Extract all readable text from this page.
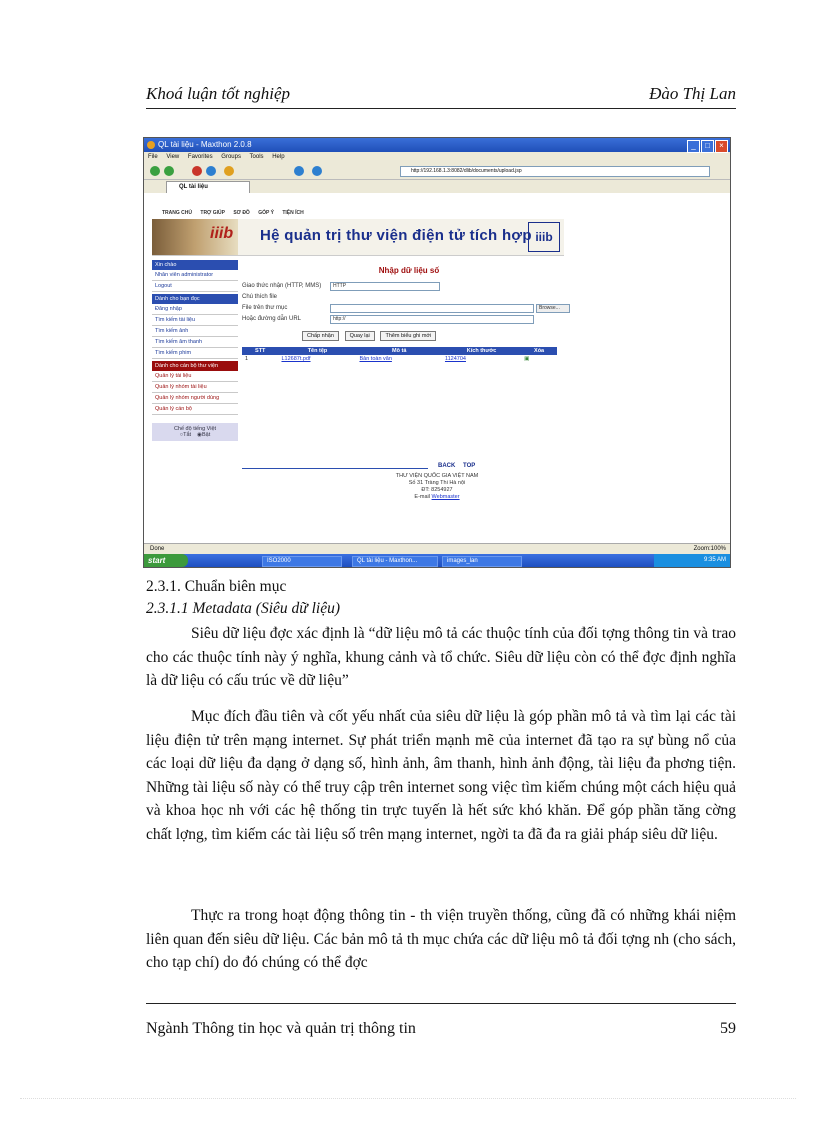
Khoá luận tốt nghiệp	Đào Thị Lan
QL tài liệu - Maxthon 2.0.8	_ □ ×
File View Favorites Groups Tools Help
http://192.168.1.3:8082/dlib/documents/upload.jsp
QL tài liệu
TRANG CHỦ TRỢ GIÚP SƠ ĐỒ GÓP Ý TIỆN ÍCH
iiib Hệ quản trị thư viện điện tử tích hợp iiib
Xin chào
Nhân viên administrator
Logout
Dành cho bạn đọc
Đăng nhập
Tìm kiếm tài liệu
Tìm kiếm ảnh
Tìm kiếm âm thanh
Tìm kiếm phim
Dành cho cán bộ thư viện
Quản lý tài liệu
Quản lý nhóm tài liệu
Quản lý nhóm người dùng
Quản lý cán bộ
Chế độ tiếng Việt
○Tắt ◉Bật
Nhập dữ liệu số
Giao thức nhận (HTTP, MMS)	HTTP
Chú thích file
File trên thư mục	Browse...
Hoặc đường dẫn URL	http://
Chấp nhận	Quay lại	Thêm biểu ghi mới
STT	Tên tệp	Mô tả	Kích thước	Xóa
1	L12687t.pdf	Bản toàn văn	1124704	▣
BACK TOP
THƯ VIỆN QUỐC GIA VIỆT NAM
Số 31 Tràng Thi Hà nội
ĐT: 8254927
E-mail Webmaster
Done	Zoom:100%
start	ISO2000	QL tài liệu - Maxthon...	images_lan	9:35 AM
2.3.1. Chuẩn biên mục
2.3.1.1 Metadata (Siêu dữ liệu)

Siêu dữ liệu đợc xác định là “dữ liệu mô tả các thuộc tính của đối tợng thông tin và trao cho các thuộc tính này ý nghĩa, khung cảnh và tổ chức. Siêu dữ liệu còn có thể đợc định nghĩa là dữ liệu có cấu trúc về dữ liệu”

Mục đích đầu tiên và cốt yếu nhất của siêu dữ liệu là góp phần mô tả và tìm lại các tài liệu điện tử trên mạng internet. Sự phát triển mạnh mẽ của internet đã tạo ra sự bùng nổ của các loại dữ liệu đa dạng ở dạng số, hình ảnh, âm thanh, hình ảnh động, tài liệu đa phơng tiện. Những tài liệu số này có thể truy cập trên internet song việc tìm kiếm chúng một cách hiệu quả và khoa học nh với các hệ thống tin trực tuyến là hết sức khó khăn. Để góp phần tăng cờng chất lợng, tìm kiếm các tài liệu số trên mạng internet, ngời ta đã đa ra giải pháp siêu dữ liệu.

Thực ra trong hoạt động thông tin - th viện truyền thống, cũng đã có những khái niệm liên quan đến siêu dữ liệu. Các bản mô tả th mục chứa các dữ liệu mô tả đối tợng nh (cho sách, cho tạp chí) do đó chúng có thể đợc

Ngành Thông tin học và quản trị thông tin	59
